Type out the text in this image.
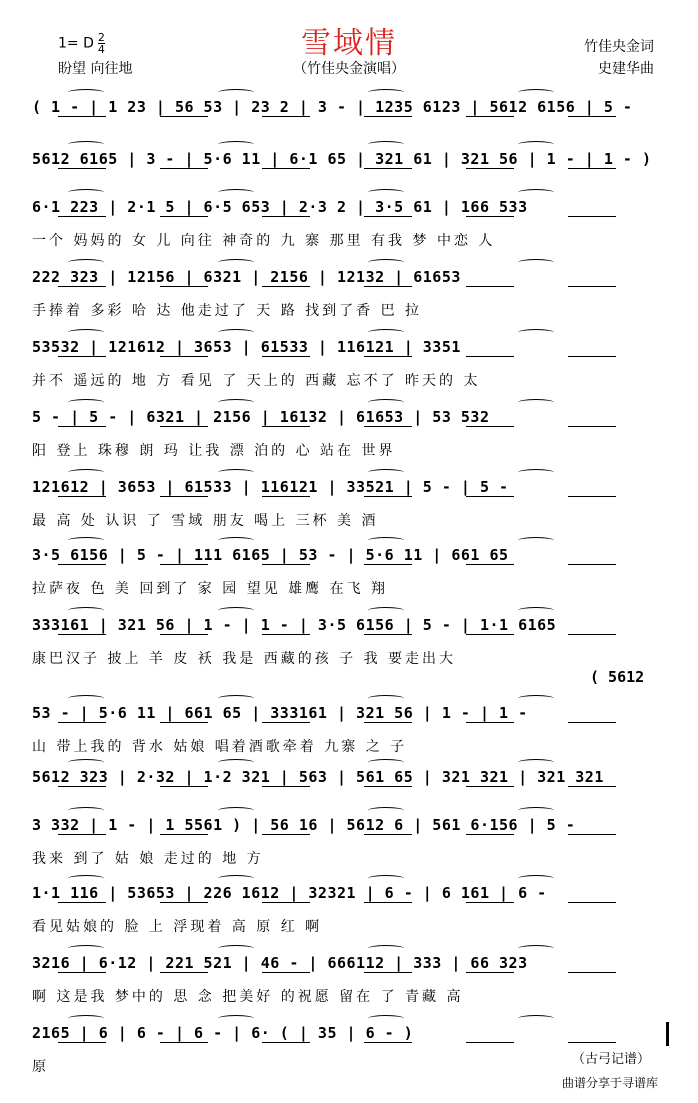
雪域情
1= D $\frac{2}{4}$
盼望 向往地	（竹佳央金演唱）
竹佳央金词
史建华曲
( 1 - | 1 23 | 56 53 | 23 2 | 3 - | 1235 6123 | 5612 6156 | 5 -
5612 6165 | 3 - | 5·6 11 | 6·1 65 | 321 61 | 321 56 | 1 - | 1 - )
6·1 223 | 2·1 5 | 6·5 653 | 2·3 2 | 3·5 61 | 166 533
一个 妈妈的 女 儿 向往 神奇的 九 寨 那里 有我 梦 中恋 人
222 323 | 12156 | 6321 | 2156 | 12132 | 61653
手捧着 多彩 哈 达 他走过了 天 路 找到了香 巴 拉
53532 | 121612 | 3653 | 61533 | 116121 | 3351
并不 遥远的 地 方 看见 了 天上的 西藏 忘不了 昨天的 太
5 - | 5 - | 6321 | 2156 | 16132 | 61653 | 53 532
阳 登上 珠穆 朗 玛 让我 漂 泊的 心 站在 世界
121612 | 3653 | 61533 | 116121 | 33521 | 5 - | 5 -
最 高 处 认识 了 雪域 朋友 喝上 三杯 美 酒
3·5 6156 | 5 - | 111 6165 | 53 - | 5·6 11 | 661 65
拉萨夜 色 美 回到了 家 园 望见 雄鹰 在飞 翔
333161 | 321 56 | 1 - | 1 - | 3·5 6156 | 5 - | 1·1 6165
康巴汉子 披上 羊 皮 袄 我是 西藏的孩 子 我 要走出大
53 - | 5·6 11 | 661 65 | 333161 | 321 56 | 1 - | 1 -
山 带上我的 背水 姑娘 唱着酒歌牵着 九寨 之 子
5612 323 | 2·32 | 1·2 321 | 563 | 561 65 | 321 321 | 321 321
3 332 | 1 - | 1 5561 ) | 56 16 | 5612 6 | 561 6·156 | 5 -
我来 到了 姑 娘 走过的 地 方
1·1 116 | 53653 | 226 1612 | 32321 | 6 - | 6 161 | 6 -
看见姑娘的 脸 上 浮现着 高 原 红 啊
3216 | 6·12 | 221 521 | 46 - | 666112 | 333 | 66 323
啊 这是我 梦中的 思 念 把美好 的祝愿 留在 了 青藏 高
2165 | 6 | 6 - | 6 - | 6· ( | 35 | 6 - )
原
( 5612
（古弓记谱）
曲谱分享于寻谱库
